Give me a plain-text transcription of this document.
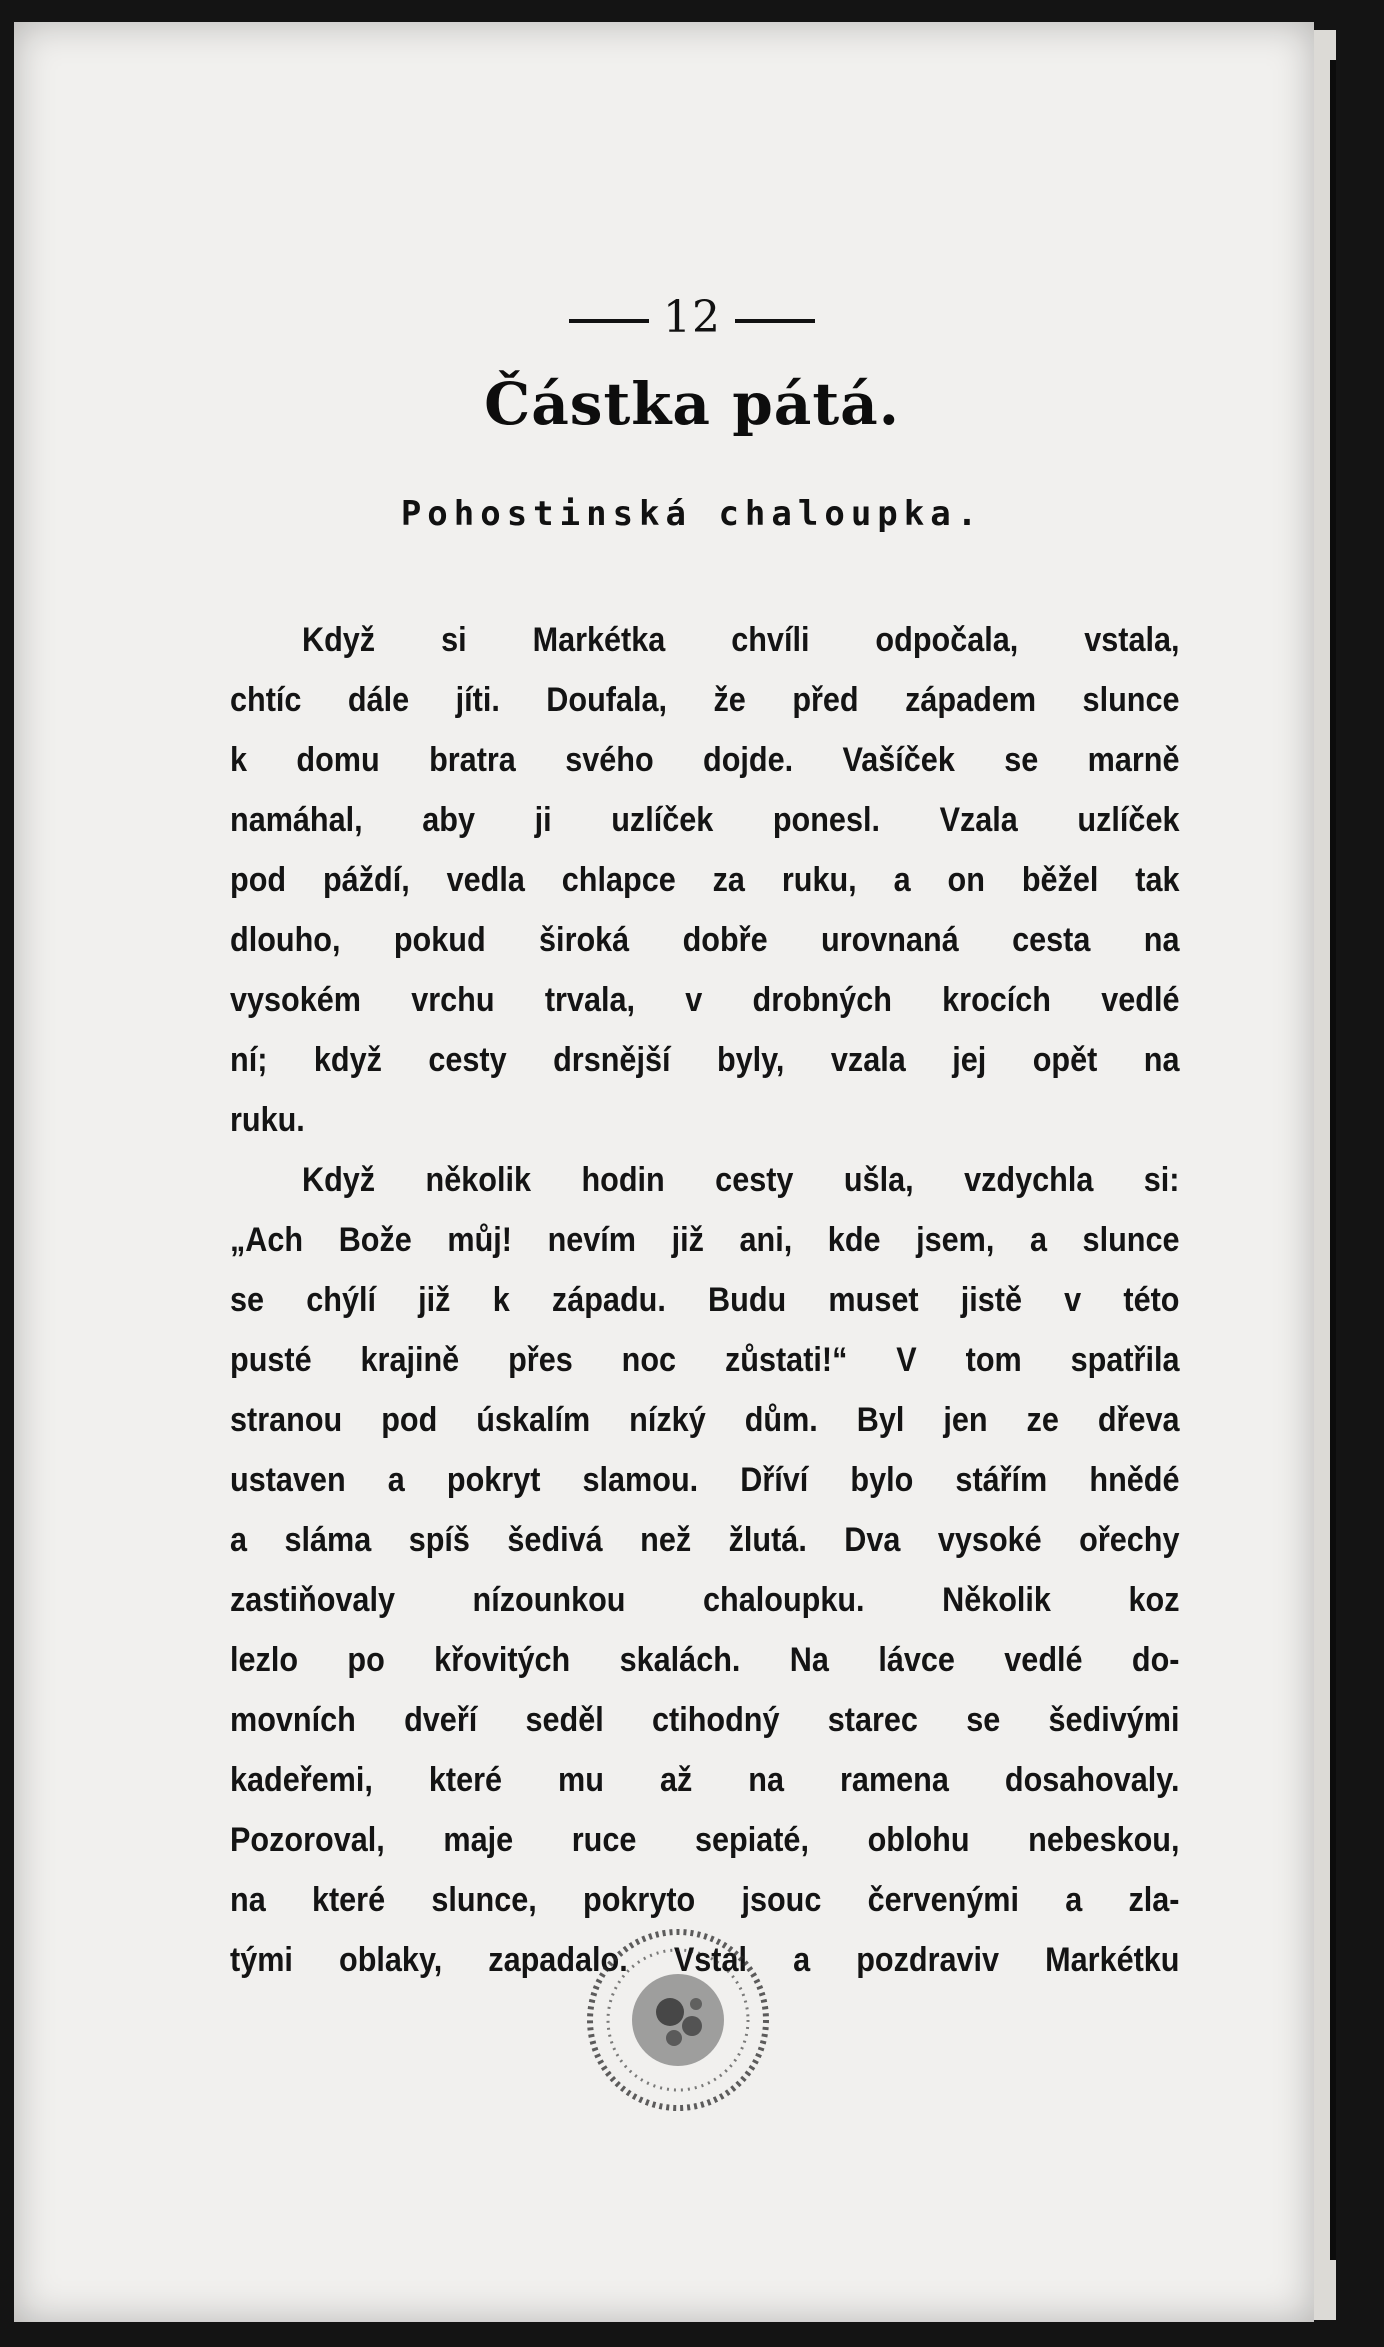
12
Částka pátá.
Pohostinská chaloupka.
Když si Markétka chvíli odpočala, vstala,
chtíc dále jíti. Doufala, že před západem slunce
k domu bratra svého dojde. Vašíček se marně
namáhal, aby ji uzlíček ponesl. Vzala uzlíček
pod páždí, vedla chlapce za ruku, a on běžel tak
dlouho, pokud široká dobře urovnaná cesta na
vysokém vrchu trvala, v drobných krocích vedlé
ní; když cesty drsnější byly, vzala jej opět na
ruku.
Když několik hodin cesty ušla, vzdychla si:
„Ach Bože můj! nevím již ani, kde jsem, a slunce
se chýlí již k západu. Budu muset jistě v této
pusté krajině přes noc zůstati!“ V tom spatřila
stranou pod úskalím nízký dům. Byl jen ze dřeva
ustaven a pokryt slamou. Dříví bylo stářím hnědé
a sláma spíš šedivá než žlutá. Dva vysoké ořechy
zastiňovaly nízounkou chaloupku. Několik koz
lezlo po křovitých skalách. Na lávce vedlé do-
movních dveří seděl ctihodný starec se šedivými
kadeřemi, které mu až na ramena dosahovaly.
Pozoroval, maje ruce sepiaté, oblohu nebeskou,
na které slunce, pokryto jsouc červenými a zla-
tými oblaky, zapadalo. Vstal a pozdraviv Markétku
